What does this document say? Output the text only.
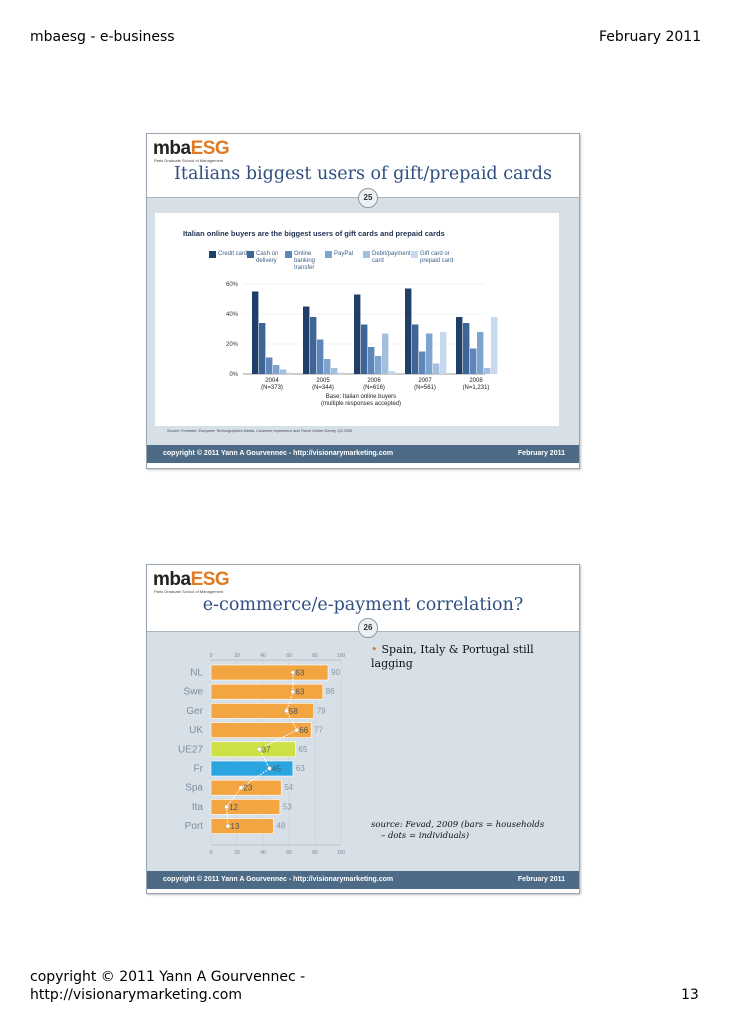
mbaesg - e-business	February 2011
mbaESG
Paris Graduate School of Management
Italians biggest users of gift/prepaid cards
25
Italian online buyers are the biggest users of gift cards and prepaid cards
Credit card	Cash on delivery
Online banking transfer
PayPal	Debit/payment card
Gift card or prepaid card
0%
20%
40%
60%
2004
(N=373)
2005
(N=344)
2006
(N=616)
2007
(N=561)
2008
(N=1,231)
Base: Italian online buyers
(multiple responses accepted)
Source: Forrester, European Technographics Media, Customer experience and Travel Online Survey, Q3 2008
copyright © 2011 Yann A Gourvennec - http://visionarymarketing.com	February 2011
mbaESG
Paris Graduate School of Management
e-commerce/e-payment correlation?
26
0
0
20
20
40
40
60
60
80
80
100
100
NL	90
Swe	86
Ger	79
UK	77
UE27	65
Fr	63
Spa	54
Ita	53
Port	48
63
63
58
66
37
45
23
12
13
• Spain, Italy & Portugal still lagging
source: Fevad, 2009 (bars = households
– dots = individuals)
copyright © 2011 Yann A Gourvennec - http://visionarymarketing.com	February 2011
copyright © 2011 Yann A Gourvennec -
http://visionarymarketing.com	13
